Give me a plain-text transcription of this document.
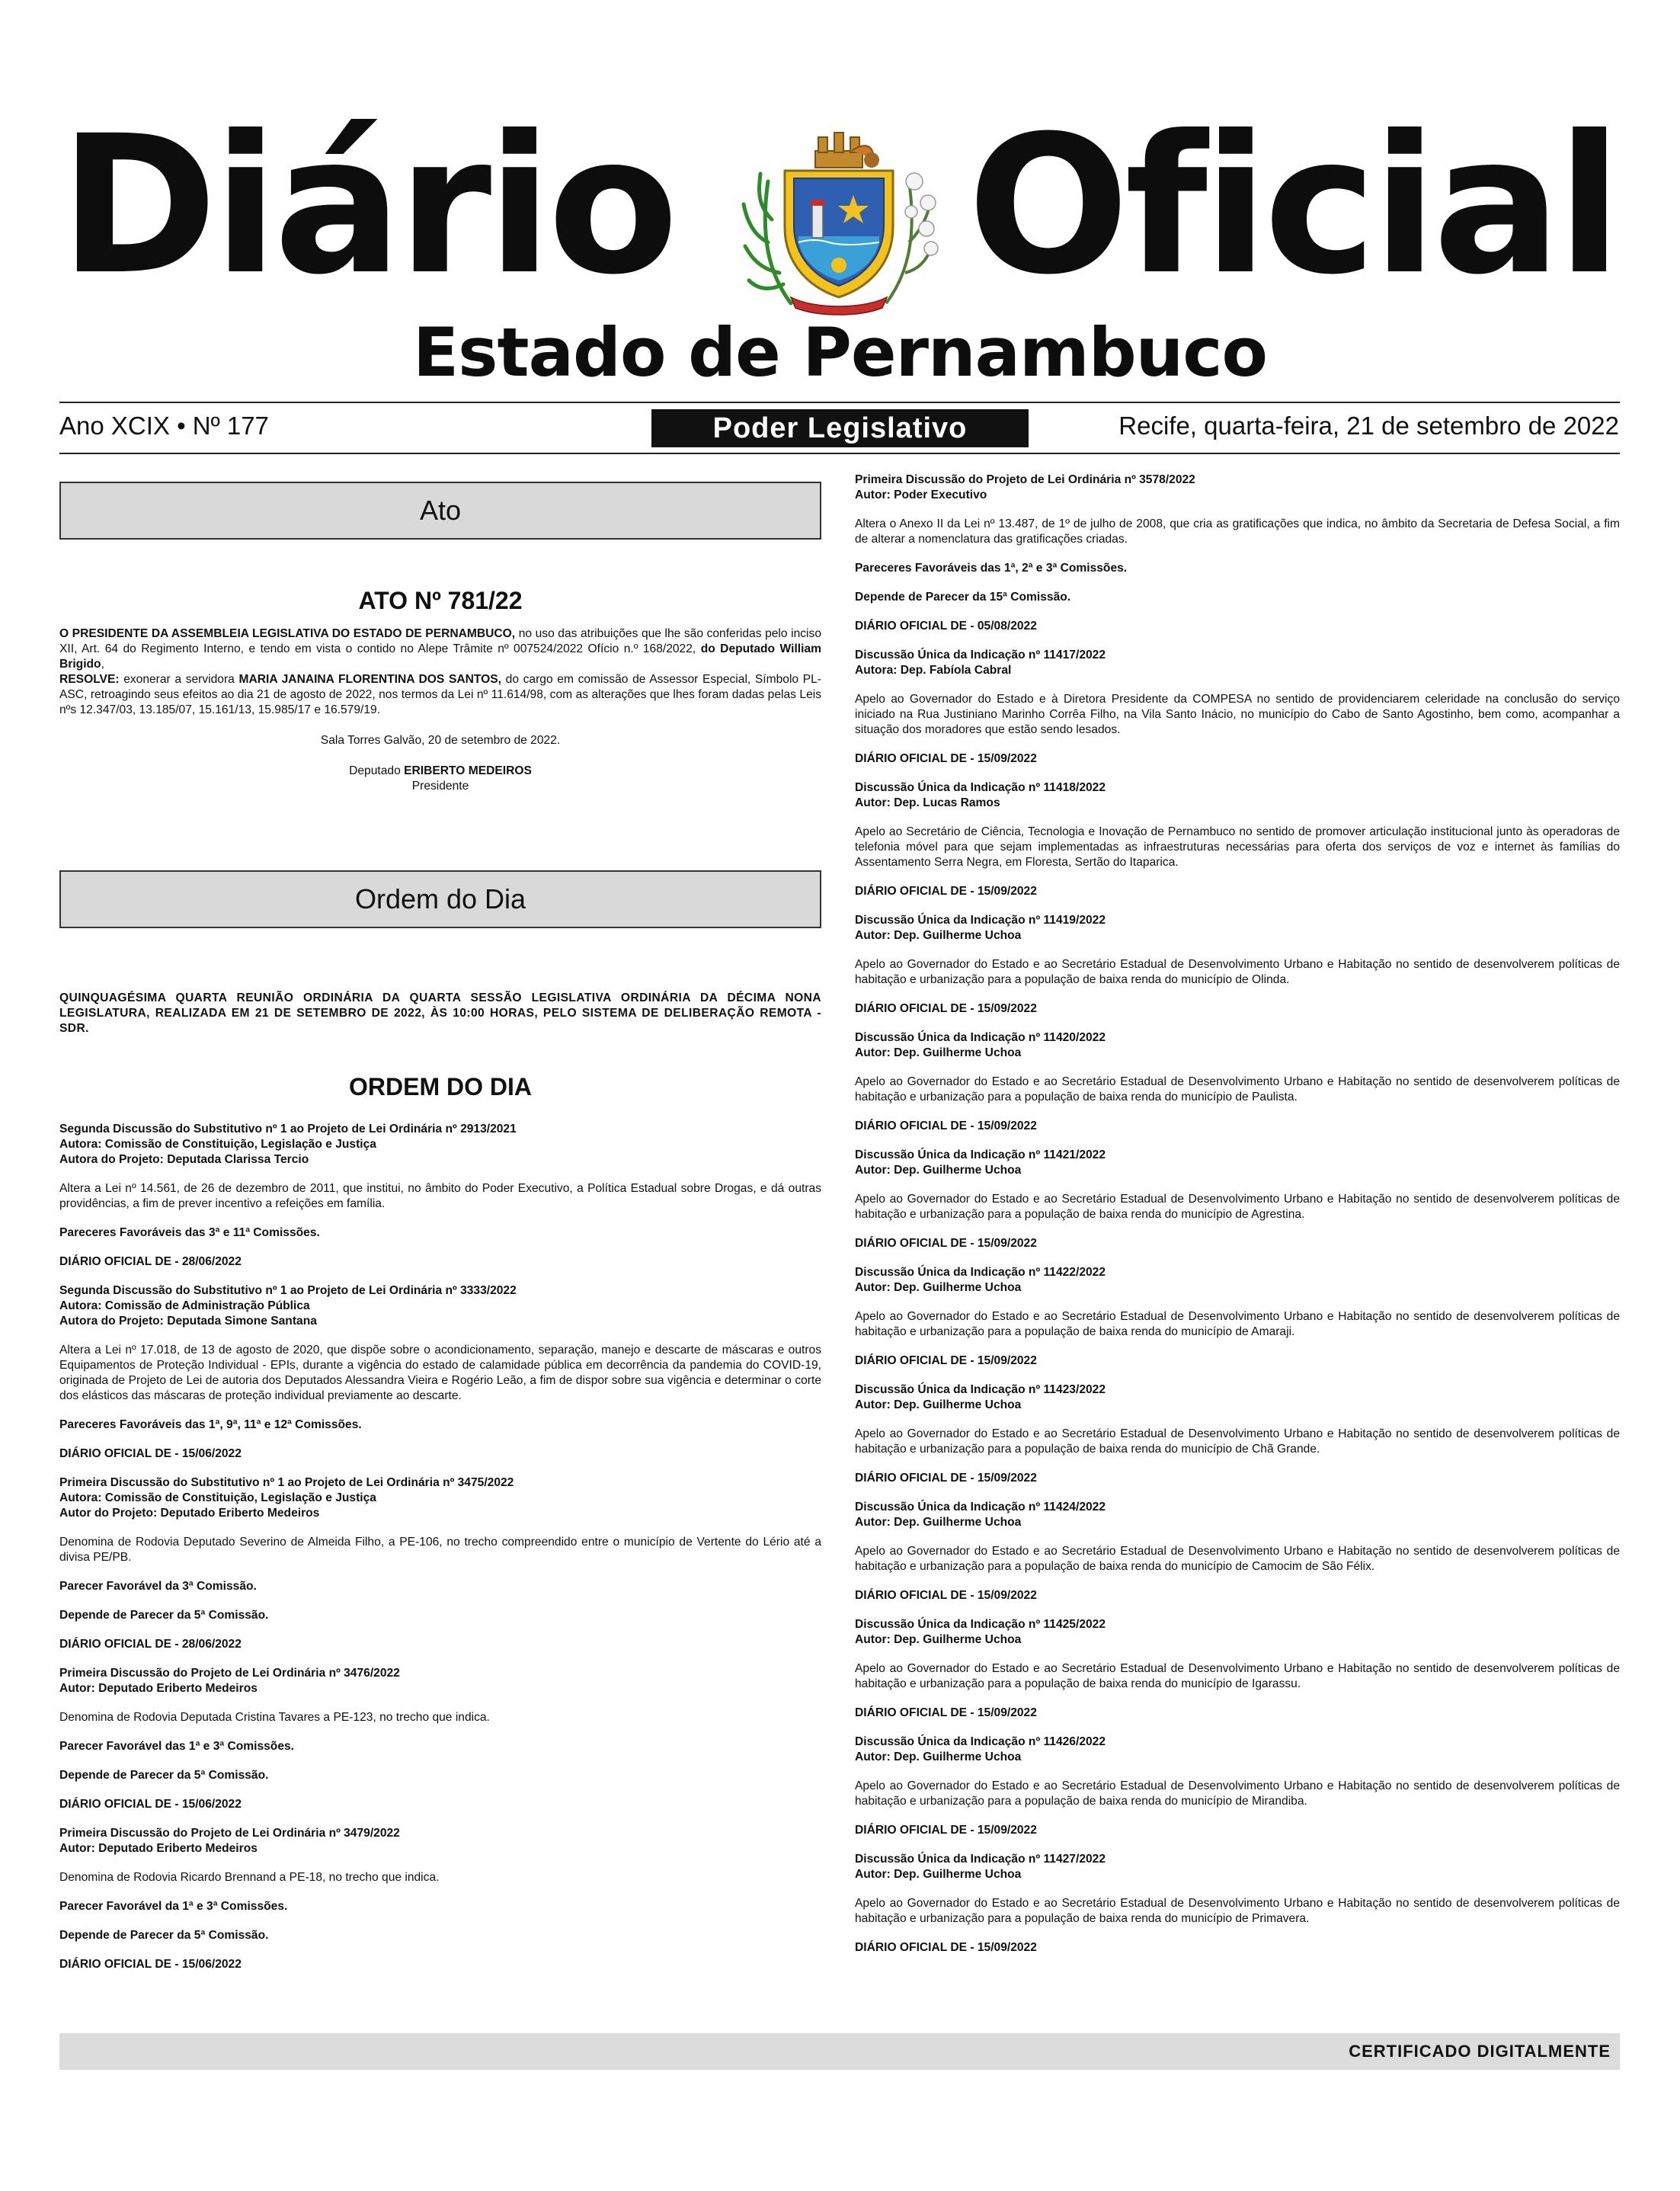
Diário Oficial
Estado de Pernambuco
Ano XCIX • Nº 177	Poder Legislativo	Recife, quarta-feira, 21 de setembro de 2022
Ato
ATO Nº 781/22

O PRESIDENTE DA ASSEMBLEIA LEGISLATIVA DO ESTADO DE PERNAMBUCO, no uso das atribuições que lhe são conferidas pelo inciso XII, Art. 64 do Regimento Interno, e tendo em vista o contido no Alepe Trâmite nº 007524/2022 Ofício n.º 168/2022, do Deputado William Brigido,

RESOLVE: exonerar a servidora MARIA JANAINA FLORENTINA DOS SANTOS, do cargo em comissão de Assessor Especial, Símbolo PL-ASC, retroagindo seus efeitos ao dia 21 de agosto de 2022, nos termos da Lei nº 11.614/98, com as alterações que lhes foram dadas pelas Leis nºs 12.347/03, 13.185/07, 15.161/13, 15.985/17 e 16.579/19.

Sala Torres Galvão, 20 de setembro de 2022.

Deputado ERIBERTO MEDEIROS

Presidente

Ordem do Dia

QUINQUAGÉSIMA QUARTA REUNIÃO ORDINÁRIA DA QUARTA SESSÃO LEGISLATIVA ORDINÁRIA DA DÉCIMA NONA LEGISLATURA, REALIZADA EM 21 DE SETEMBRO DE 2022, ÀS 10:00 HORAS, PELO SISTEMA DE DELIBERAÇÃO REMOTA - SDR.

ORDEM DO DIA
Segunda Discussão do Substitutivo nº 1 ao Projeto de Lei Ordinária nº 2913/2021
Autora: Comissão de Constituição, Legislação e Justiça
Autora do Projeto: Deputada Clarissa Tercio

Altera a Lei nº 14.561, de 26 de dezembro de 2011, que institui, no âmbito do Poder Executivo, a Política Estadual sobre Drogas, e dá outras providências, a fim de prever incentivo a refeições em família.

Pareceres Favoráveis das 3ª e 11ª Comissões.

DIÁRIO OFICIAL DE - 28/06/2022

Segunda Discussão do Substitutivo nº 1 ao Projeto de Lei Ordinária nº 3333/2022
Autora: Comissão de Administração Pública
Autora do Projeto: Deputada Simone Santana

Altera a Lei nº 17.018, de 13 de agosto de 2020, que dispõe sobre o acondicionamento, separação, manejo e descarte de máscaras e outros Equipamentos de Proteção Individual - EPIs, durante a vigência do estado de calamidade pública em decorrência da pandemia do COVID-19, originada de Projeto de Lei de autoria dos Deputados Alessandra Vieira e Rogério Leão, a fim de dispor sobre sua vigência e determinar o corte dos elásticos das máscaras de proteção individual previamente ao descarte.

Pareceres Favoráveis das 1ª, 9ª, 11ª e 12ª Comissões.

DIÁRIO OFICIAL DE - 15/06/2022

Primeira Discussão do Substitutivo nº 1 ao Projeto de Lei Ordinária nº 3475/2022
Autora: Comissão de Constituição, Legislação e Justiça
Autor do Projeto: Deputado Eriberto Medeiros

Denomina de Rodovia Deputado Severino de Almeida Filho, a PE-106, no trecho compreendido entre o município de Vertente do Lério até a divisa PE/PB.

Parecer Favorável da 3ª Comissão.

Depende de Parecer da 5ª Comissão.

DIÁRIO OFICIAL DE - 28/06/2022

Primeira Discussão do Projeto de Lei Ordinária nº 3476/2022
Autor: Deputado Eriberto Medeiros

Denomina de Rodovia Deputada Cristina Tavares a PE-123, no trecho que indica.

Parecer Favorável das 1ª e 3ª Comissões.

Depende de Parecer da 5ª Comissão.

DIÁRIO OFICIAL DE - 15/06/2022

Primeira Discussão do Projeto de Lei Ordinária nº 3479/2022
Autor: Deputado Eriberto Medeiros

Denomina de Rodovia Ricardo Brennand a PE-18, no trecho que indica.

Parecer Favorável da 1ª e 3ª Comissões.

Depende de Parecer da 5ª Comissão.

DIÁRIO OFICIAL DE - 15/06/2022

Primeira Discussão do Projeto de Lei Ordinária nº 3578/2022
Autor: Poder Executivo

Altera o Anexo II da Lei nº 13.487, de 1º de julho de 2008, que cria as gratificações que indica, no âmbito da Secretaria de Defesa Social, a fim de alterar a nomenclatura das gratificações criadas.

Pareceres Favoráveis das 1ª, 2ª e 3ª Comissões.

Depende de Parecer da 15ª Comissão.

DIÁRIO OFICIAL DE - 05/08/2022

Discussão Única da Indicação nº 11417/2022
Autora: Dep. Fabíola Cabral

Apelo ao Governador do Estado e à Diretora Presidente da COMPESA no sentido de providenciarem celeridade na conclusão do serviço iniciado na Rua Justiniano Marinho Corrêa Filho, na Vila Santo Inácio, no município do Cabo de Santo Agostinho, bem como, acompanhar a situação dos moradores que estão sendo lesados.

DIÁRIO OFICIAL DE - 15/09/2022

Discussão Única da Indicação nº 11418/2022
Autor: Dep. Lucas Ramos

Apelo ao Secretário de Ciência, Tecnologia e Inovação de Pernambuco no sentido de promover articulação institucional junto às operadoras de telefonia móvel para que sejam implementadas as infraestruturas necessárias para oferta dos serviços de voz e internet às famílias do Assentamento Serra Negra, em Floresta, Sertão do Itaparica.

DIÁRIO OFICIAL DE - 15/09/2022

Discussão Única da Indicação nº 11419/2022
Autor: Dep. Guilherme Uchoa

Apelo ao Governador do Estado e ao Secretário Estadual de Desenvolvimento Urbano e Habitação no sentido de desenvolverem políticas de habitação e urbanização para a população de baixa renda do município de Olinda.

DIÁRIO OFICIAL DE - 15/09/2022

Discussão Única da Indicação nº 11420/2022
Autor: Dep. Guilherme Uchoa

Apelo ao Governador do Estado e ao Secretário Estadual de Desenvolvimento Urbano e Habitação no sentido de desenvolverem políticas de habitação e urbanização para a população de baixa renda do município de Paulista.

DIÁRIO OFICIAL DE - 15/09/2022

Discussão Única da Indicação nº 11421/2022
Autor: Dep. Guilherme Uchoa

Apelo ao Governador do Estado e ao Secretário Estadual de Desenvolvimento Urbano e Habitação no sentido de desenvolverem políticas de habitação e urbanização para a população de baixa renda do município de Agrestina.

DIÁRIO OFICIAL DE - 15/09/2022

Discussão Única da Indicação nº 11422/2022
Autor: Dep. Guilherme Uchoa

Apelo ao Governador do Estado e ao Secretário Estadual de Desenvolvimento Urbano e Habitação no sentido de desenvolverem políticas de habitação e urbanização para a população de baixa renda do município de Amaraji.

DIÁRIO OFICIAL DE - 15/09/2022

Discussão Única da Indicação nº 11423/2022
Autor: Dep. Guilherme Uchoa

Apelo ao Governador do Estado e ao Secretário Estadual de Desenvolvimento Urbano e Habitação no sentido de desenvolverem políticas de habitação e urbanização para a população de baixa renda do município de Chã Grande.

DIÁRIO OFICIAL DE - 15/09/2022

Discussão Única da Indicação nº 11424/2022
Autor: Dep. Guilherme Uchoa

Apelo ao Governador do Estado e ao Secretário Estadual de Desenvolvimento Urbano e Habitação no sentido de desenvolverem políticas de habitação e urbanização para a população de baixa renda do município de Camocim de São Félix.

DIÁRIO OFICIAL DE - 15/09/2022

Discussão Única da Indicação nº 11425/2022
Autor: Dep. Guilherme Uchoa

Apelo ao Governador do Estado e ao Secretário Estadual de Desenvolvimento Urbano e Habitação no sentido de desenvolverem políticas de habitação e urbanização para a população de baixa renda do município de Igarassu.

DIÁRIO OFICIAL DE - 15/09/2022

Discussão Única da Indicação nº 11426/2022
Autor: Dep. Guilherme Uchoa

Apelo ao Governador do Estado e ao Secretário Estadual de Desenvolvimento Urbano e Habitação no sentido de desenvolverem políticas de habitação e urbanização para a população de baixa renda do município de Mirandiba.

DIÁRIO OFICIAL DE - 15/09/2022

Discussão Única da Indicação nº 11427/2022
Autor: Dep. Guilherme Uchoa

Apelo ao Governador do Estado e ao Secretário Estadual de Desenvolvimento Urbano e Habitação no sentido de desenvolverem políticas de habitação e urbanização para a população de baixa renda do município de Primavera.

DIÁRIO OFICIAL DE - 15/09/2022

CERTIFICADO DIGITALMENTE
